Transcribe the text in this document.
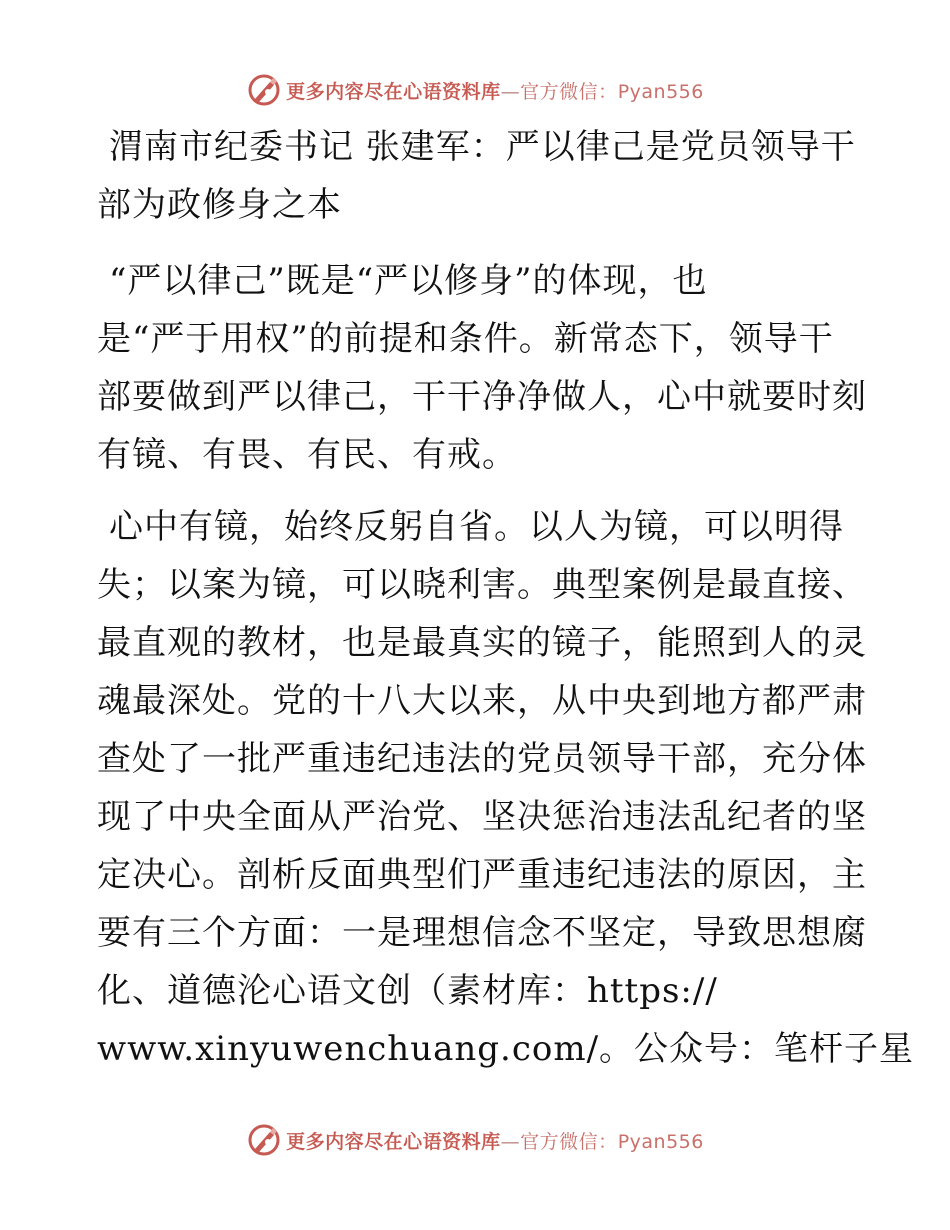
更多内容尽在心语资料库—官方微信：Pyan556
渭南市纪委书记 张建军：严以律己是党员领导干
部为政修身之本

“严以律己”既是“严以修身”的体现，也
是“严于用权”的前提和条件。新常态下，领导干
部要做到严以律己，干干净净做人，心中就要时刻
有镜、有畏、有民、有戒。

心中有镜，始终反躬自省。以人为镜，可以明得
失；以案为镜，可以晓利害。典型案例是最直接、
最直观的教材，也是最真实的镜子，能照到人的灵
魂最深处。党的十八大以来，从中央到地方都严肃
查处了一批严重违纪违法的党员领导干部，充分体
现了中央全面从严治党、坚决惩治违法乱纪者的坚
定决心。剖析反面典型们严重违纪违法的原因，主
要有三个方面：一是理想信念不坚定，导致思想腐
化、道德沦心语文创（素材库：https://
www.xinyuwenchuang.com/。公众号：笔杆子星

更多内容尽在心语资料库—官方微信：Pyan556
